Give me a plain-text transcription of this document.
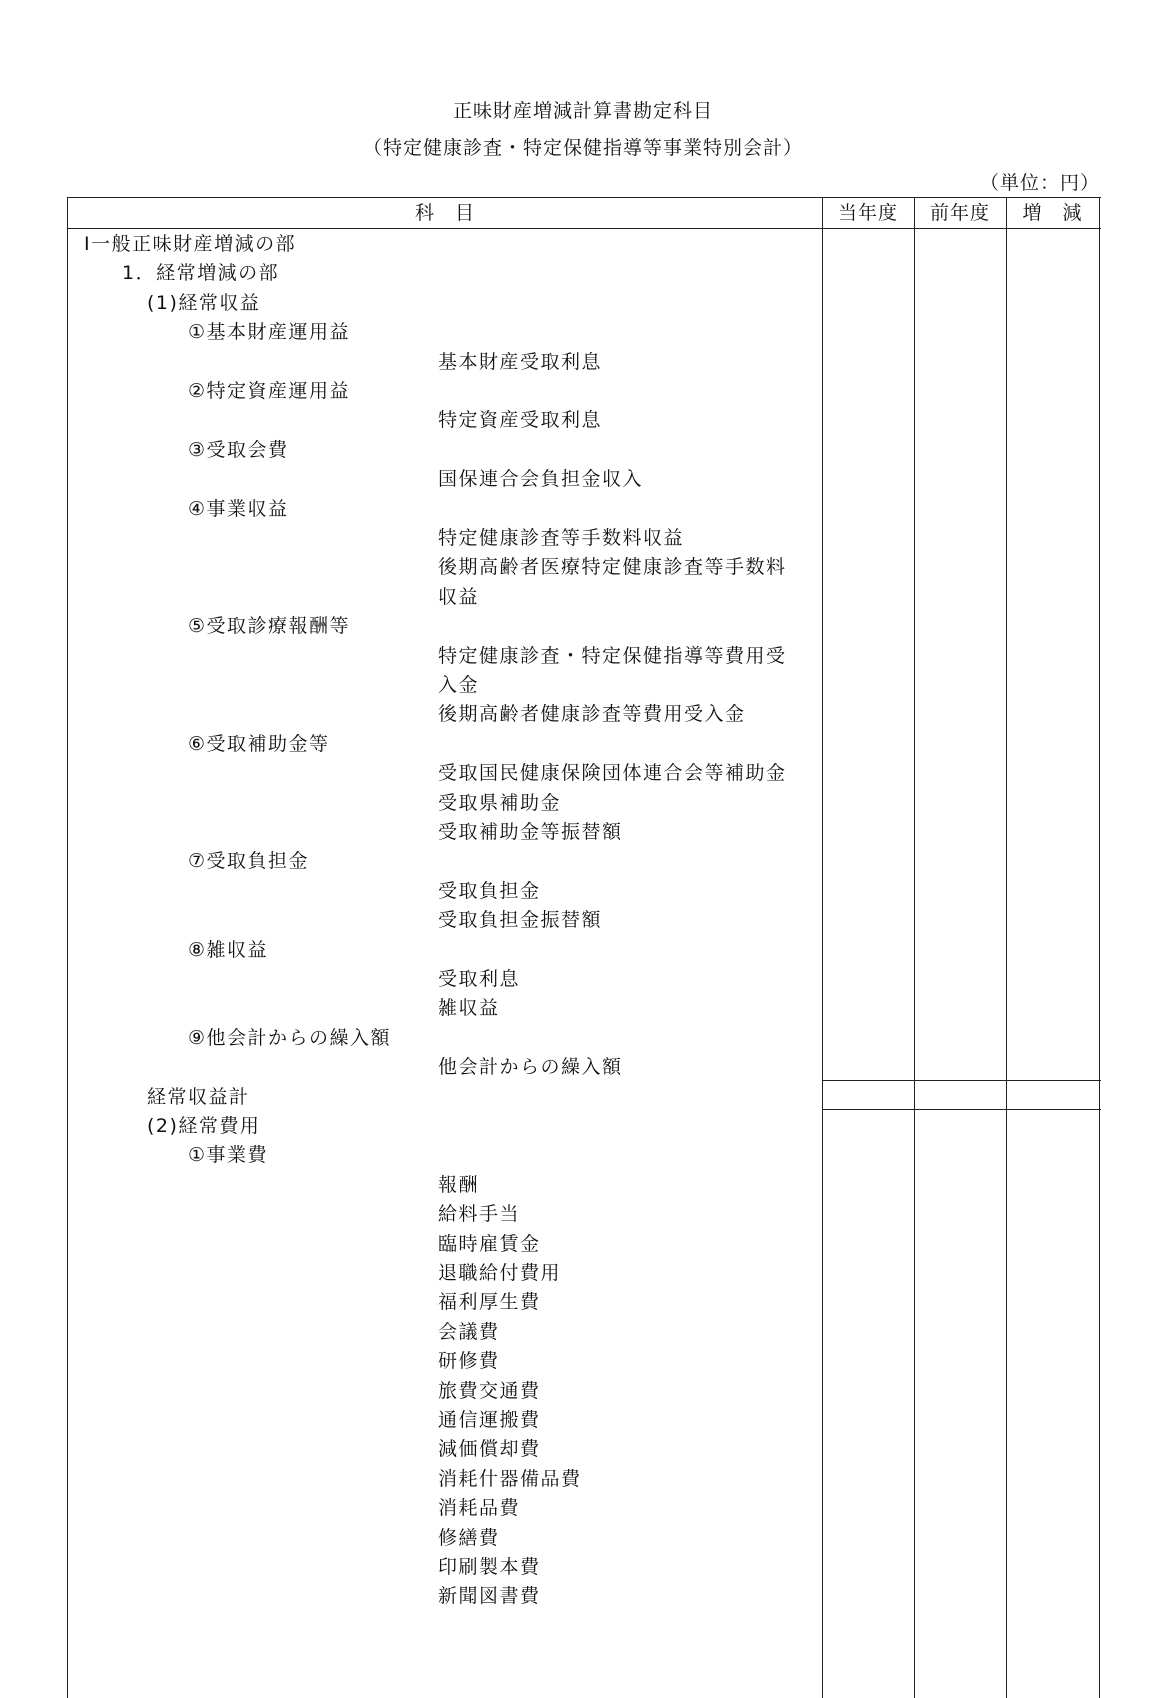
正味財産増減計算書勘定科目
（特定健康診査・特定保健指導等事業特別会計）
（単位：円）
科　目	当年度	前年度	増　減
Ⅰ一般正味財産増減の部
1．経常増減の部
(1)経常収益
①基本財産運用益
基本財産受取利息
②特定資産運用益
特定資産受取利息
③受取会費
国保連合会負担金収入
④事業収益
特定健康診査等手数料収益
後期高齢者医療特定健康診査等手数料
収益
⑤受取診療報酬等
特定健康診査・特定保健指導等費用受
入金
後期高齢者健康診査等費用受入金
⑥受取補助金等
受取国民健康保険団体連合会等補助金
受取県補助金
受取補助金等振替額
⑦受取負担金
受取負担金
受取負担金振替額
⑧雑収益
受取利息
雑収益
⑨他会計からの繰入額
他会計からの繰入額
経常収益計
(2)経常費用
①事業費
報酬
給料手当
臨時雇賃金
退職給付費用
福利厚生費
会議費
研修費
旅費交通費
通信運搬費
減価償却費
消耗什器備品費
消耗品費
修繕費
印刷製本費
新聞図書費
